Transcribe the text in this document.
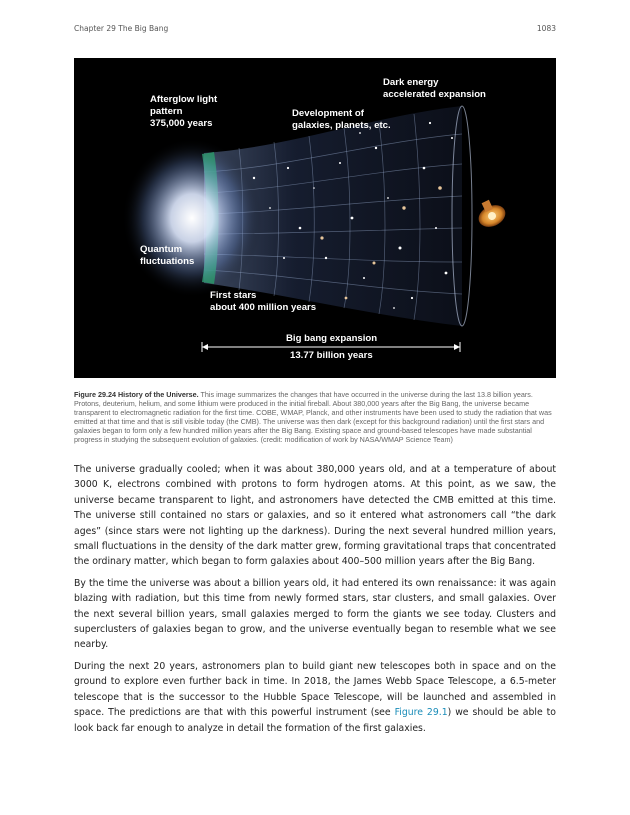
Chapter 29 The Big Bang	1083
Afterglow light
pattern
375,000 years
Development of
galaxies, planets, etc.
Dark energy
accelerated expansion
Quantum
fluctuations
First stars
about 400 million years
Big bang expansion
13.77 billion years
Figure 29.24 History of the Universe. This image summarizes the changes that have occurred in the universe during the last 13.8 billion years. Protons, deuterium, helium, and some lithium were produced in the initial fireball. About 380,000 years after the Big Bang, the universe became transparent to electromagnetic radiation for the first time. COBE, WMAP, Planck, and other instruments have been used to study the radiation that was emitted at that time and that is still visible today (the CMB). The universe was then dark (except for this background radiation) until the first stars and galaxies began to form only a few hundred million years after the Big Bang. Existing space and ground-based telescopes have made substantial progress in studying the subsequent evolution of galaxies. (credit: modification of work by NASA/WMAP Science Team)

The universe gradually cooled; when it was about 380,000 years old, and at a temperature of about 3000 K, electrons combined with protons to form hydrogen atoms. At this point, as we saw, the universe became transparent to light, and astronomers have detected the CMB emitted at this time. The universe still contained no stars or galaxies, and so it entered what astronomers call “the dark ages” (since stars were not lighting up the darkness). During the next several hundred million years, small fluctuations in the density of the dark matter grew, forming gravitational traps that concentrated the ordinary matter, which began to form galaxies about 400–500 million years after the Big Bang.

By the time the universe was about a billion years old, it had entered its own renaissance: it was again blazing with radiation, but this time from newly formed stars, star clusters, and small galaxies. Over the next several billion years, small galaxies merged to form the giants we see today. Clusters and superclusters of galaxies began to grow, and the universe eventually began to resemble what we see nearby.

During the next 20 years, astronomers plan to build giant new telescopes both in space and on the ground to explore even further back in time. In 2018, the James Webb Space Telescope, a 6.5-meter telescope that is the successor to the Hubble Space Telescope, will be launched and assembled in space. The predictions are that with this powerful instrument (see Figure 29.1) we should be able to look back far enough to analyze in detail the formation of the first galaxies.
